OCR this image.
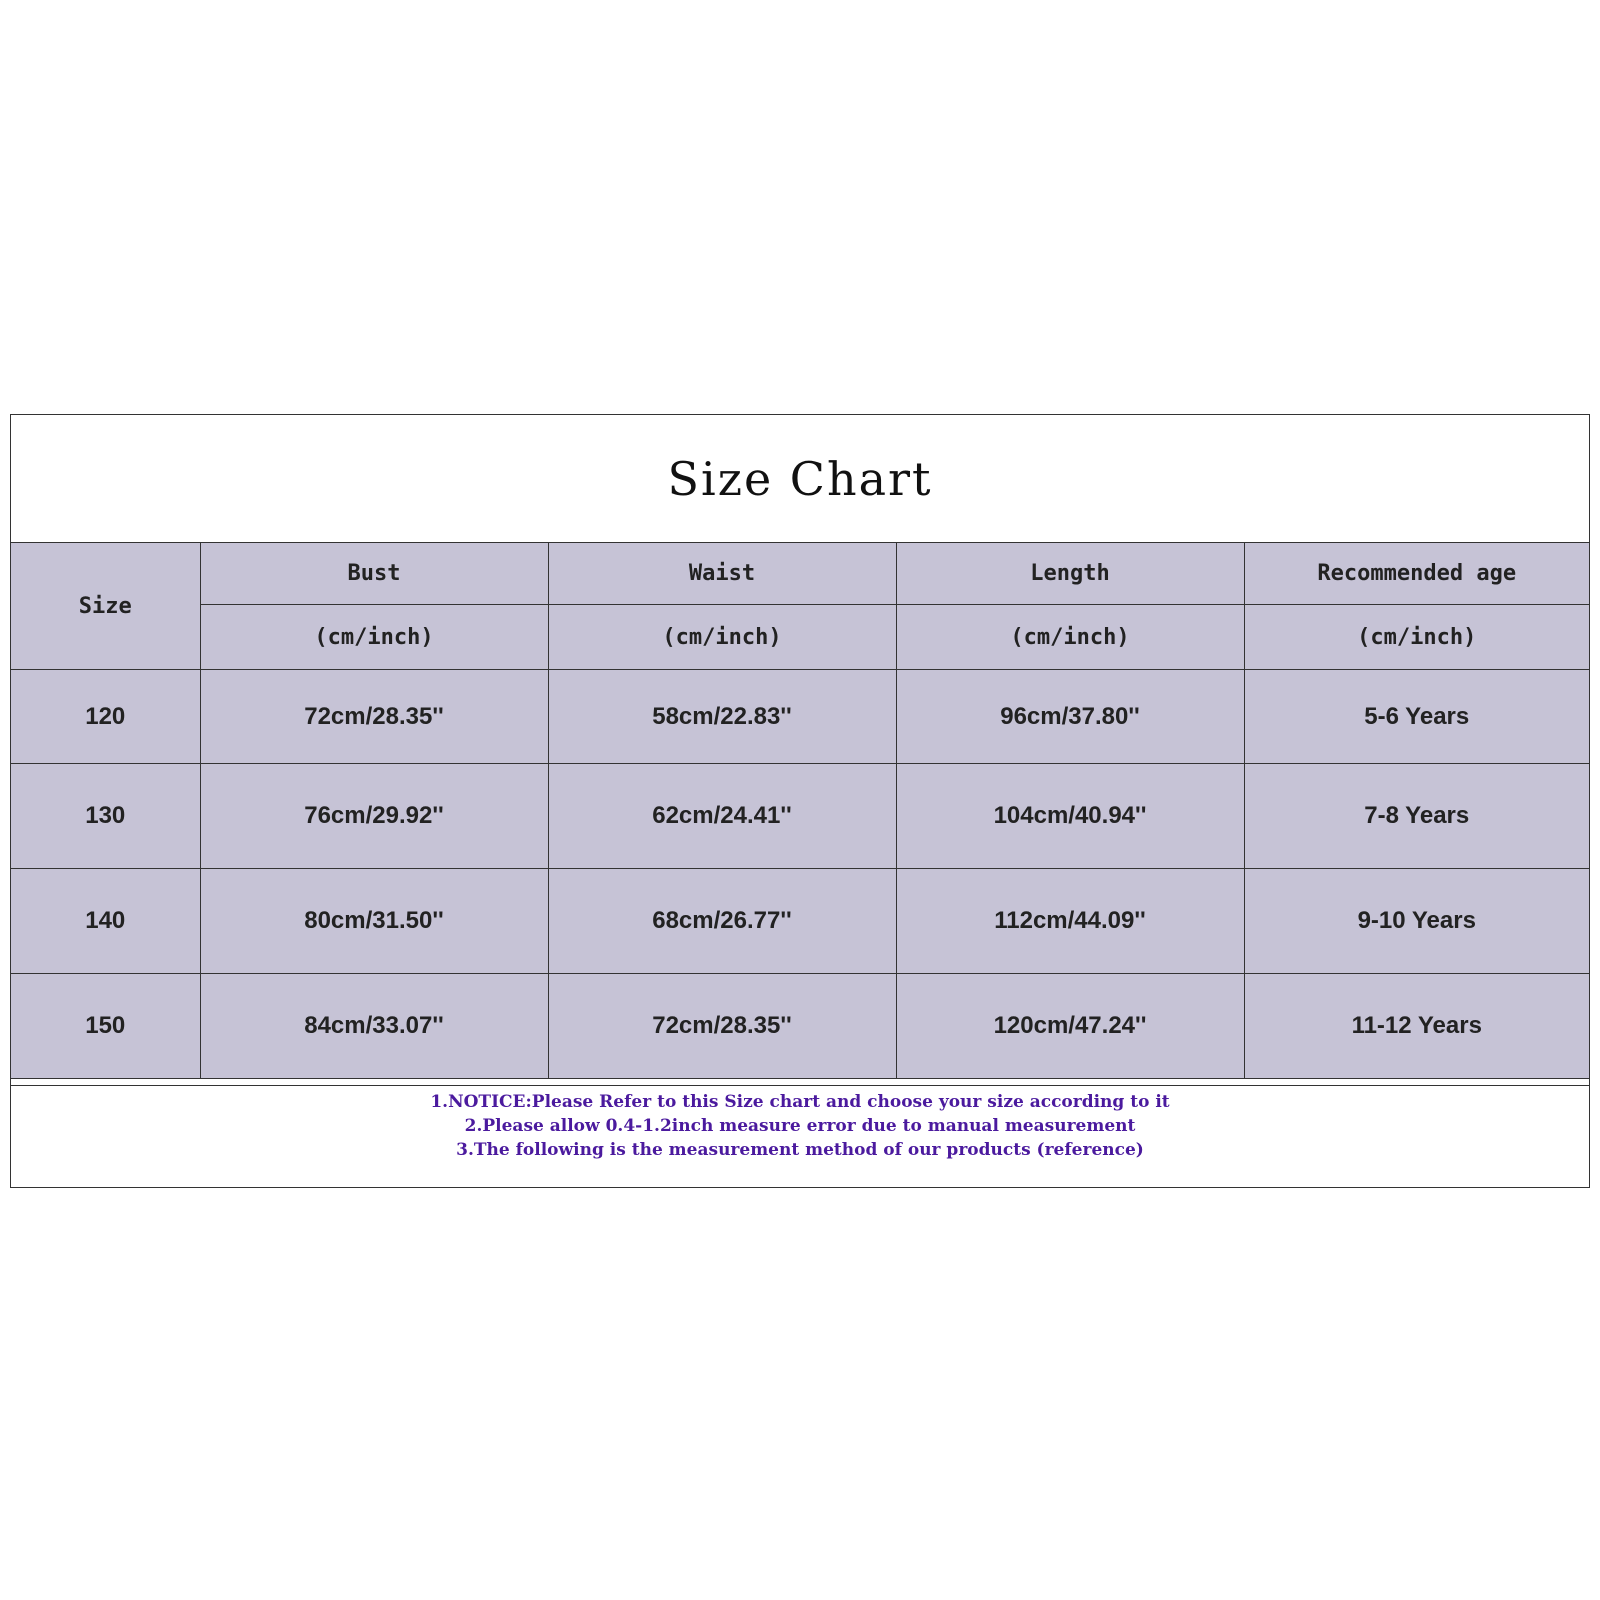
Size Chart
Size	Bust	Waist	Length	Recommended age
	(cm/inch)	(cm/inch)	(cm/inch)	(cm/inch)
120	72cm/28.35''	58cm/22.83''	96cm/37.80''	5-6 Years
130	76cm/29.92''	62cm/24.41''	104cm/40.94''	7-8 Years
140	80cm/31.50''	68cm/26.77''	112cm/44.09''	9-10 Years
150	84cm/33.07''	72cm/28.35''	120cm/47.24''	11-12 Years
1.NOTICE:Please Refer to this Size chart and choose your size according to it
2.Please allow 0.4-1.2inch measure error due to manual measurement
3.The following is the measurement method of our products (reference)
